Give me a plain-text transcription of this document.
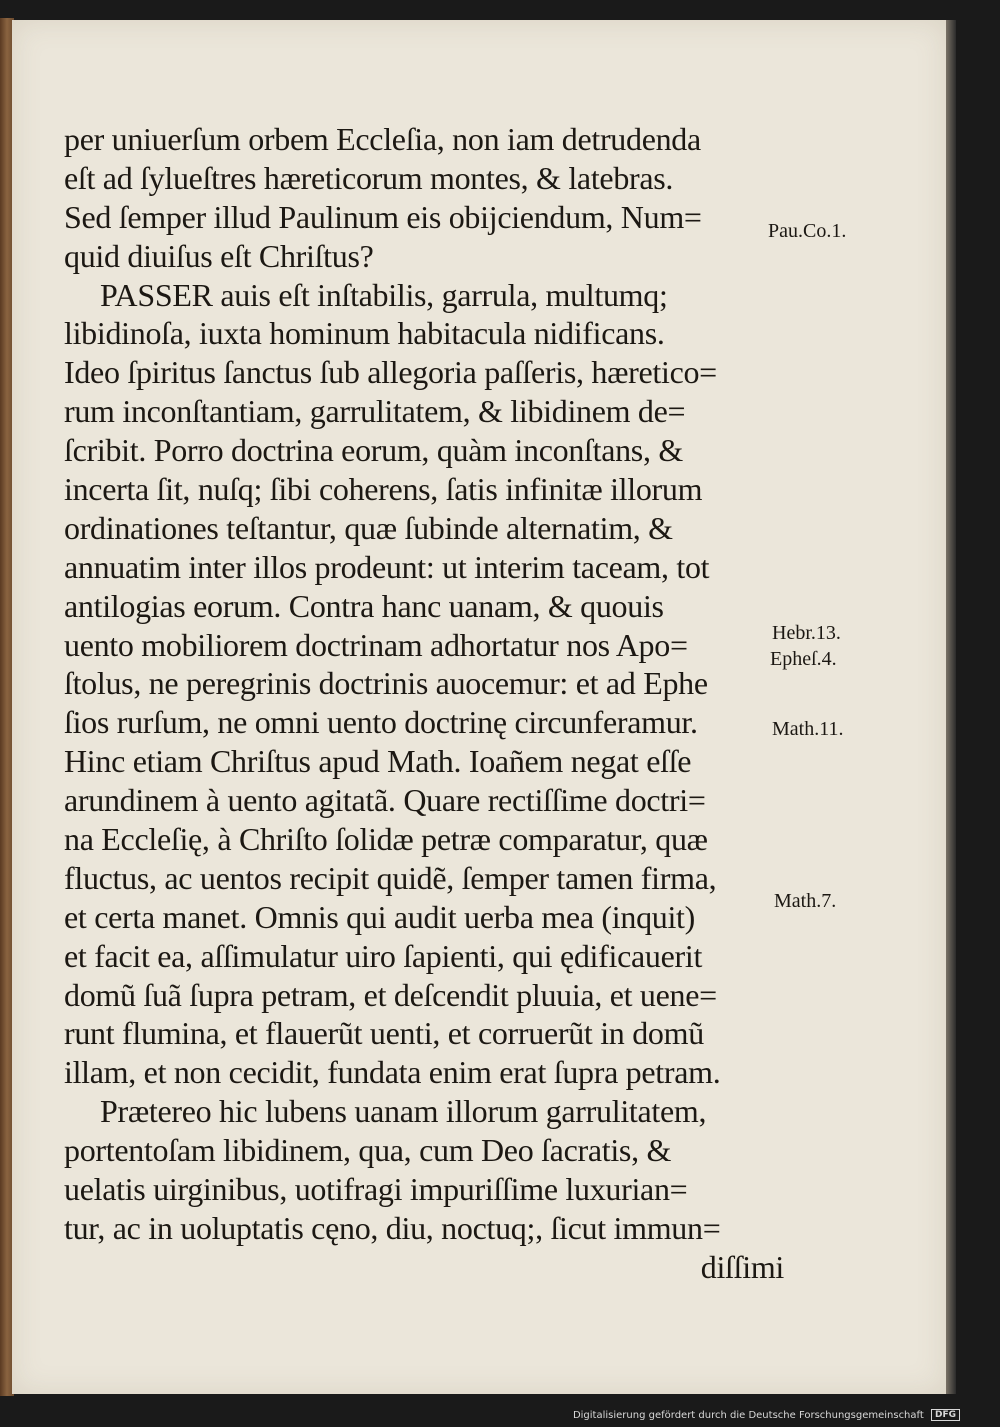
per uniuerſum orbem Eccleſia, non iam detrudenda
eſt ad ſylueſtres hæreticorum montes, & latebras.
Sed ſemper illud Paulinum eis obijciendum, Num=
quid diuiſus eſt Chriſtus?
PASSER auis eſt inſtabilis, garrula, multumq;
libidinoſa, iuxta hominum habitacula nidificans.
Ideo ſpiritus ſanctus ſub allegoria paſſeris, hæretico=
rum inconſtantiam, garrulitatem, & libidinem de=
ſcribit. Porro doctrina eorum, quàm inconſtans, &
incerta ſit, nuſq; ſibi coherens, ſatis infinitæ illorum
ordinationes teſtantur, quæ ſubinde alternatim, &
annuatim inter illos prodeunt: ut interim taceam, tot
antilogias eorum. Contra hanc uanam, & quouis
uento mobiliorem doctrinam adhortatur nos Apo=
ſtolus, ne peregrinis doctrinis auocemur: et ad Ephe
ſios rurſum, ne omni uento doctrinę circunferamur.
Hinc etiam Chriſtus apud Math. Ioañem negat eſſe
arundinem à uento agitatã. Quare rectiſſime doctri=
na Eccleſię, à Chriſto ſolidæ petræ comparatur, quæ
fluctus, ac uentos recipit quidẽ, ſemper tamen firma,
et certa manet. Omnis qui audit uerba mea (inquit)
et facit ea, aſſimulatur uiro ſapienti, qui ędificauerit
domũ ſuã ſupra petram, et deſcendit pluuia, et uene=
runt flumina, et flauerũt uenti, et corruerũt in domũ
illam, et non cecidit, fundata enim erat ſupra petram.
Prætereo hic lubens uanam illorum garrulitatem,
portentoſam libidinem, qua, cum Deo ſacratis, &
uelatis uirginibus, uotifragi impuriſſime luxurian=
tur, ac in uoluptatis cęno, diu, noctuq;, ſicut immun=
diſſimi
Pau.Co.1.
Hebr.13.
Epheſ.4.
Math.11.
Math.7.
Digitalisierung gefördert durch die Deutsche Forschungsgemeinschaft DFG
